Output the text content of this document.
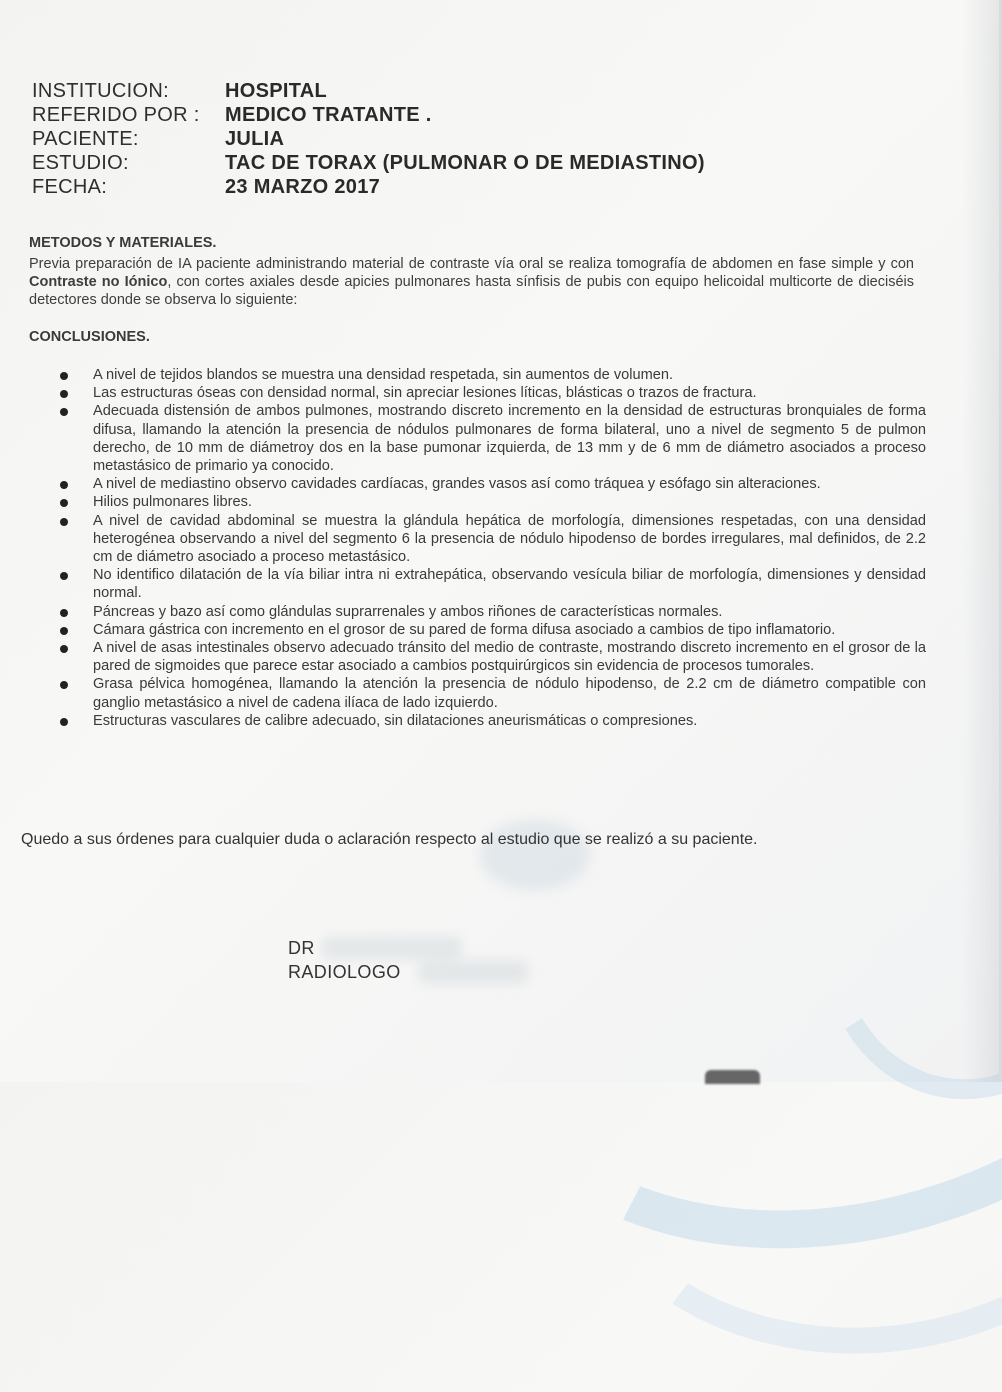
INSTITUCION:	HOSPITAL
REFERIDO POR :	MEDICO TRATANTE .
PACIENTE:	JULIA
ESTUDIO:	TAC DE TORAX (PULMONAR O DE MEDIASTINO)
FECHA:	23 MARZO 2017
METODOS Y MATERIALES.
Previa preparación de IA paciente administrando material de contraste vía oral se realiza tomografía de abdomen en fase simple y con Contraste no Iónico, con cortes axiales desde apicies pulmonares hasta sínfisis de pubis con equipo helicoidal multicorte de dieciséis detectores donde se observa lo siguiente:
CONCLUSIONES.
A nivel de tejidos blandos se muestra una densidad respetada, sin aumentos de volumen.
Las estructuras óseas con densidad normal, sin apreciar lesiones líticas, blásticas o trazos de fractura.
Adecuada distensión de ambos pulmones, mostrando discreto incremento en la densidad de estructuras bronquiales de forma difusa, llamando la atención la presencia de nódulos pulmonares de forma bilateral, uno a nivel de segmento 5 de pulmon derecho, de 10 mm de diámetroy dos en la base pumonar izquierda, de 13 mm y de 6 mm de diámetro asociados a proceso metastásico de primario ya conocido.
A nivel de mediastino observo cavidades cardíacas, grandes vasos así como tráquea y esófago sin alteraciones.
Hilios pulmonares libres.
A nivel de cavidad abdominal se muestra la glándula hepática de morfología, dimensiones respetadas, con una densidad heterogénea observando a nivel del segmento 6 la presencia de nódulo hipodenso de bordes irregulares, mal definidos, de 2.2 cm de diámetro asociado a proceso metastásico.
No identifico dilatación de la vía biliar intra ni extrahepática, observando vesícula biliar de morfología, dimensiones y densidad normal.
Páncreas y bazo así como glándulas suprarrenales y ambos riñones de características normales.
Cámara gástrica con incremento en el grosor de su pared de forma difusa asociado a cambios de tipo inflamatorio.
A nivel de asas intestinales observo adecuado tránsito del medio de contraste, mostrando discreto incremento en el grosor de la pared de sigmoides que parece estar asociado a cambios postquirúrgicos sin evidencia de procesos tumorales.
Grasa pélvica homogénea, llamando la atención la presencia de nódulo hipodenso, de 2.2 cm de diámetro compatible con ganglio metastásico a nivel de cadena ilíaca de lado izquierdo.
Estructuras vasculares de calibre adecuado, sin dilataciones aneurismáticas o compresiones.
Quedo a sus órdenes para cualquier duda o aclaración respecto al estudio que se realizó a su paciente.
DR
RADIOLOGO
